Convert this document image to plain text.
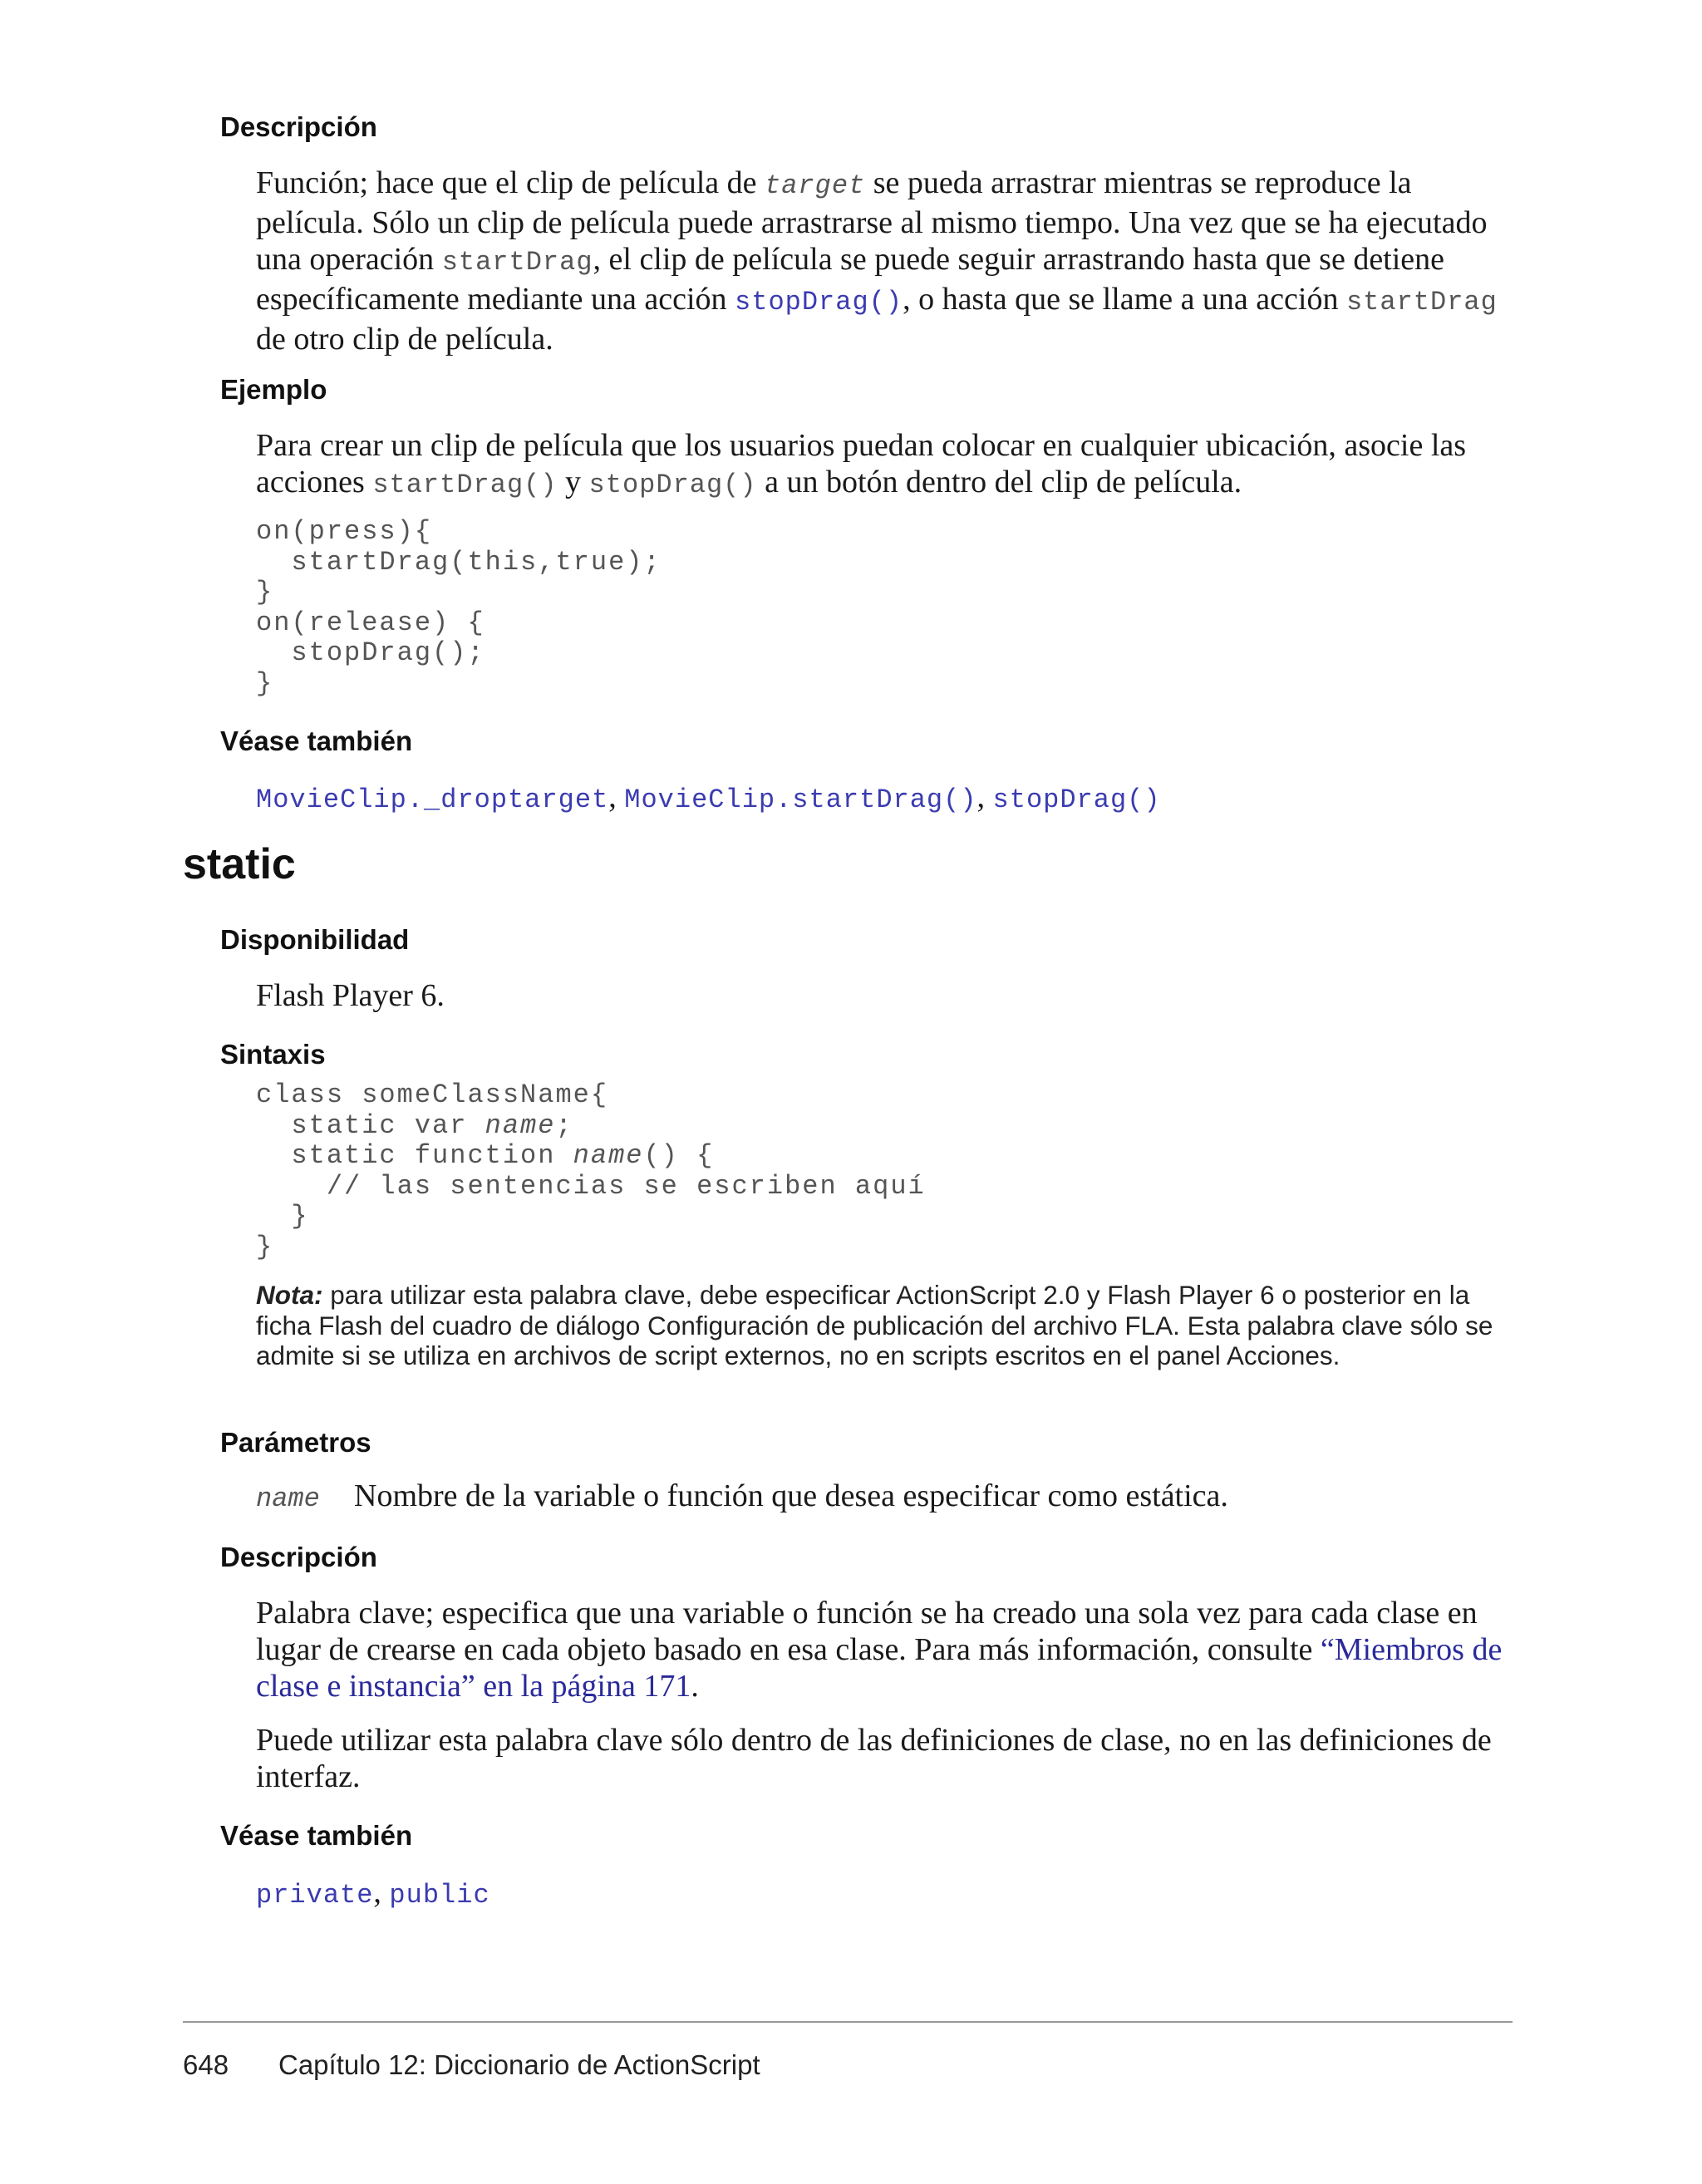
Descripción
Función; hace que el clip de película de target se pueda arrastrar mientras se reproduce la película. Sólo un clip de película puede arrastrarse al mismo tiempo. Una vez que se ha ejecutado una operación startDrag, el clip de película se puede seguir arrastrando hasta que se detiene específicamente mediante una acción stopDrag(), o hasta que se llame a una acción startDrag de otro clip de película.
Ejemplo
Para crear un clip de película que los usuarios puedan colocar en cualquier ubicación, asocie las acciones startDrag() y stopDrag() a un botón dentro del clip de película.
on(press){
startDrag(this,true);
}
on(release) {
stopDrag();
}
Véase también
MovieClip._droptarget, MovieClip.startDrag(), stopDrag()
static
Disponibilidad
Flash Player 6.
Sintaxis
class someClassName{
static var name;
static function name() {
// las sentencias se escriben aquí
}
}
Nota: para utilizar esta palabra clave, debe especificar ActionScript 2.0 y Flash Player 6 o posterior en la ficha Flash del cuadro de diálogo Configuración de publicación del archivo FLA. Esta palabra clave sólo se admite si se utiliza en archivos de script externos, no en scripts escritos en el panel Acciones.
Parámetros
name Nombre de la variable o función que desea especificar como estática.
Descripción
Palabra clave; especifica que una variable o función se ha creado una sola vez para cada clase en lugar de crearse en cada objeto basado en esa clase. Para más información, consulte “Miembros de clase e instancia” en la página 171.
Puede utilizar esta palabra clave sólo dentro de las definiciones de clase, no en las definiciones de interfaz.
Véase también
private, public
648 Capítulo 12: Diccionario de ActionScript
